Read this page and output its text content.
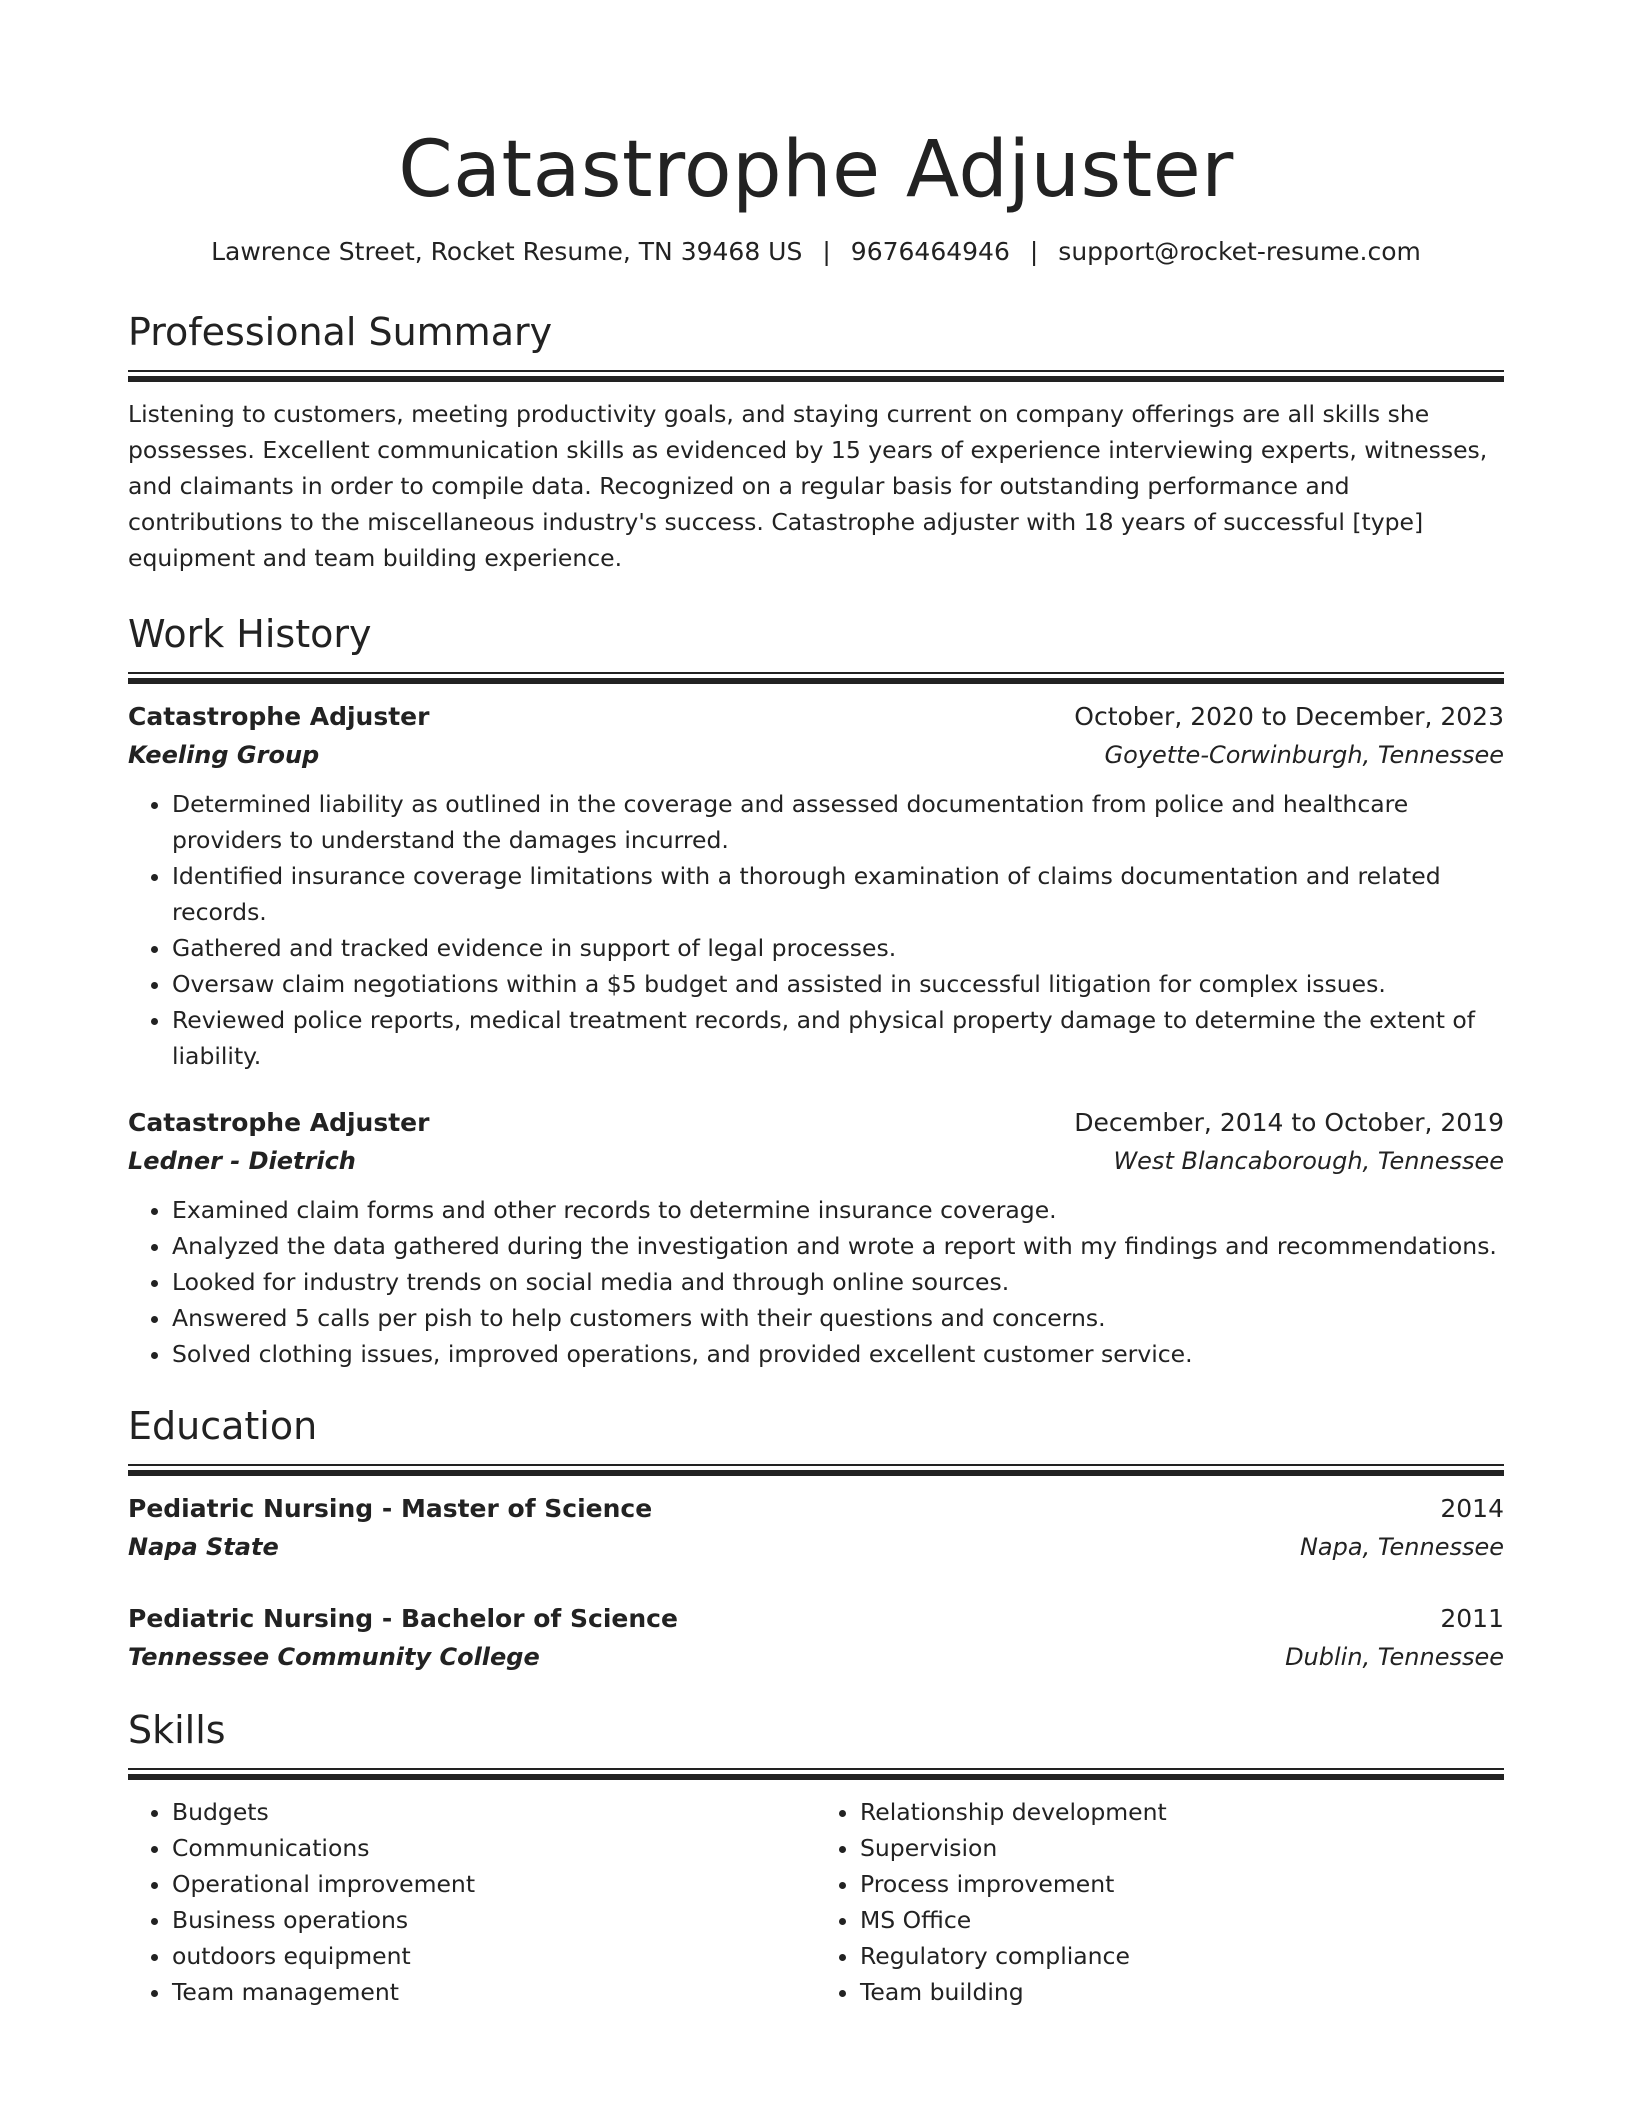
Catastrophe Adjuster
Lawrence Street, Rocket Resume, TN 39468 US | 9676464946 | support@rocket-resume.com
Professional Summary
Listening to customers, meeting productivity goals, and staying current on company offerings are all skills she possesses. Excellent communication skills as evidenced by 15 years of experience interviewing experts, witnesses, and claimants in order to compile data. Recognized on a regular basis for outstanding performance and contributions to the miscellaneous industry's success. Catastrophe adjuster with 18 years of successful [type] equipment and team building experience.
Work History
Catastrophe Adjuster	October, 2020 to December, 2023
Keeling Group	Goyette-Corwinburgh, Tennessee
• Determined liability as outlined in the coverage and assessed documentation from police and healthcare providers to understand the damages incurred.
• Identified insurance coverage limitations with a thorough examination of claims documentation and related records.
• Gathered and tracked evidence in support of legal processes.
• Oversaw claim negotiations within a $5 budget and assisted in successful litigation for complex issues.
• Reviewed police reports, medical treatment records, and physical property damage to determine the extent of liability.
Catastrophe Adjuster	December, 2014 to October, 2019
Ledner - Dietrich	West Blancaborough, Tennessee
• Examined claim forms and other records to determine insurance coverage.
• Analyzed the data gathered during the investigation and wrote a report with my findings and recommendations.
• Looked for industry trends on social media and through online sources.
• Answered 5 calls per pish to help customers with their questions and concerns.
• Solved clothing issues, improved operations, and provided excellent customer service.
Education
Pediatric Nursing - Master of Science	2014
Napa State	Napa, Tennessee
Pediatric Nursing - Bachelor of Science	2011
Tennessee Community College	Dublin, Tennessee
Skills
• Budgets
• Communications
• Operational improvement
• Business operations
• outdoors equipment
• Team management
• Relationship development
• Supervision
• Process improvement
• MS Office
• Regulatory compliance
• Team building
